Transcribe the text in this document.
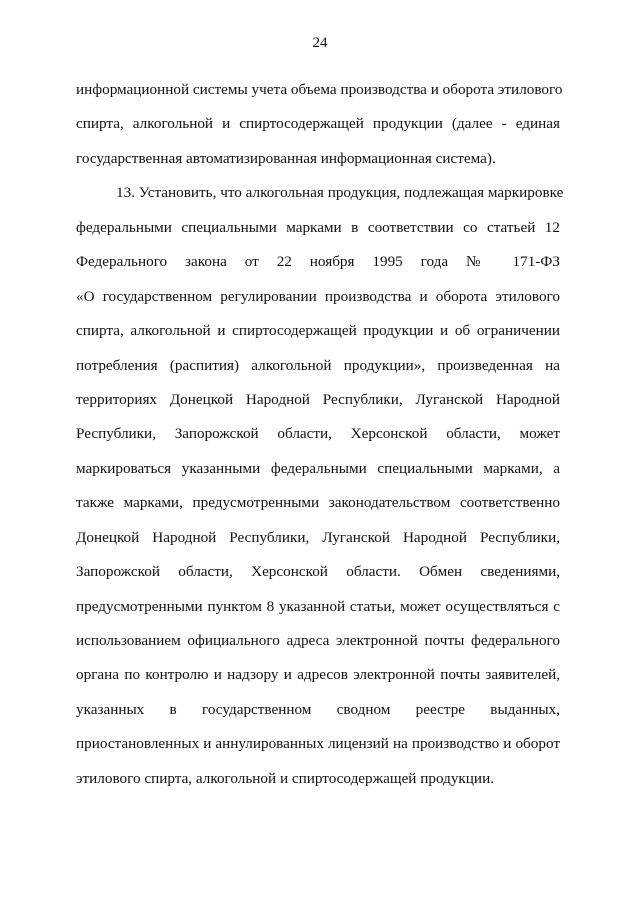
24
информационной системы учета объема производства и оборота этилового
спирта, алкогольной и спиртосодержащей продукции (далее - единая
государственная автоматизированная информационная система).
13. Установить, что алкогольная продукция, подлежащая маркировке
федеральными специальными марками в соответствии со статьей 12
Федерального закона от 22 ноября 1995 года № 171-ФЗ
«О государственном регулировании производства и оборота этилового
спирта, алкогольной и спиртосодержащей продукции и об ограничении
потребления (распития) алкогольной продукции», произведенная на
территориях Донецкой Народной Республики, Луганской Народной
Республики, Запорожской области, Херсонской области, может
маркироваться указанными федеральными специальными марками, а
также марками, предусмотренными законодательством соответственно
Донецкой Народной Республики, Луганской Народной Республики,
Запорожской области, Херсонской области. Обмен сведениями,
предусмотренными пунктом 8 указанной статьи, может осуществляться с
использованием официального адреса электронной почты федерального
органа по контролю и надзору и адресов электронной почты заявителей,
указанных в государственном сводном реестре выданных,
приостановленных и аннулированных лицензий на производство и оборот
этилового спирта, алкогольной и спиртосодержащей продукции.
